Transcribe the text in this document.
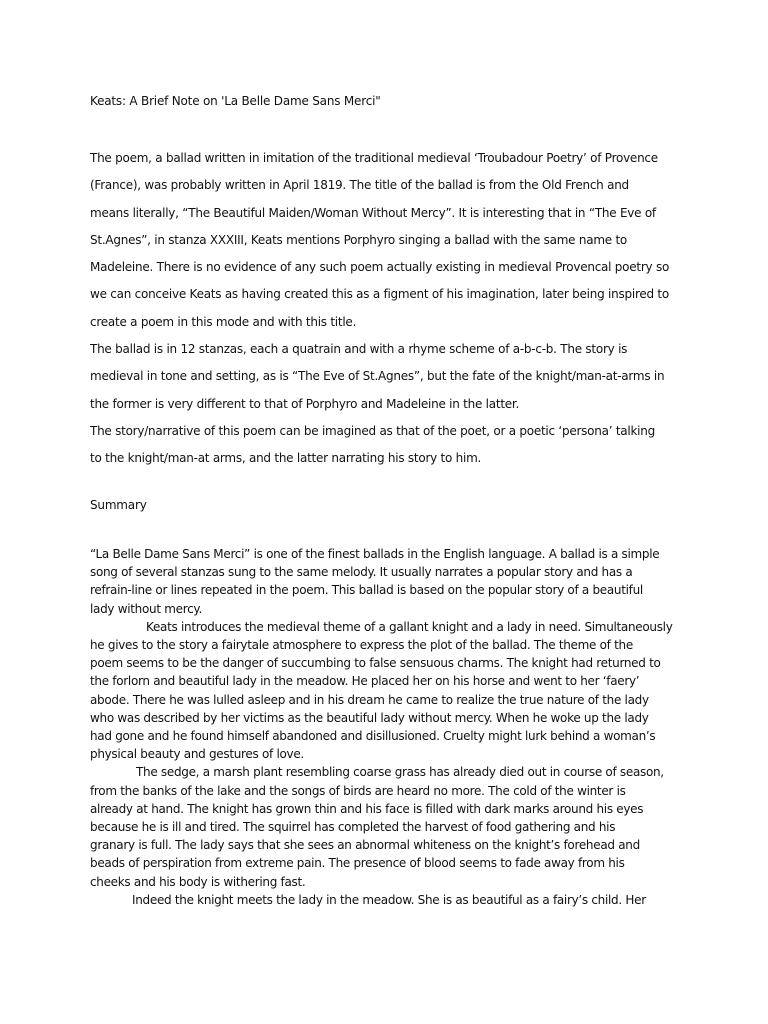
Keats: A Brief Note on 'La Belle Dame Sans Merci"

The poem, a ballad written in imitation of the traditional medieval ‘Troubadour Poetry’ of Provence
(France), was probably written in April 1819. The title of the ballad is from the Old French and
means literally, “The Beautiful Maiden/Woman Without Mercy”. It is interesting that in “The Eve of
St.Agnes”, in stanza XXXIII, Keats mentions Porphyro singing a ballad with the same name to
Madeleine. There is no evidence of any such poem actually existing in medieval Provencal poetry so
we can conceive Keats as having created this as a figment of his imagination, later being inspired to
create a poem in this mode and with this title.

The ballad is in 12 stanzas, each a quatrain and with a rhyme scheme of a-b-c-b. The story is
medieval in tone and setting, as is “The Eve of St.Agnes”, but the fate of the knight/man-at-arms in
the former is very different to that of Porphyro and Madeleine in the latter.

The story/narrative of this poem can be imagined as that of the poet, or a poetic ‘persona’ talking
to the knight/man-at arms, and the latter narrating his story to him.

Summary
“La Belle Dame Sans Merci” is one of the finest ballads in the English language. A ballad is a simple
song of several stanzas sung to the same melody. It usually narrates a popular story and has a
refrain-line or lines repeated in the poem. This ballad is based on the popular story of a beautiful
lady without mercy.
Keats introduces the medieval theme of a gallant knight and a lady in need. Simultaneously
he gives to the story a fairytale atmosphere to express the plot of the ballad. The theme of the
poem seems to be the danger of succumbing to false sensuous charms. The knight had returned to
the forlorn and beautiful lady in the meadow. He placed her on his horse and went to her ‘faery’
abode. There he was lulled asleep and in his dream he came to realize the true nature of the lady
who was described by her victims as the beautiful lady without mercy. When he woke up the lady
had gone and he found himself abandoned and disillusioned. Cruelty might lurk behind a woman’s
physical beauty and gestures of love.
The sedge, a marsh plant resembling coarse grass has already died out in course of season,
from the banks of the lake and the songs of birds are heard no more. The cold of the winter is
already at hand. The knight has grown thin and his face is filled with dark marks around his eyes
because he is ill and tired. The squirrel has completed the harvest of food gathering and his
granary is full. The lady says that she sees an abnormal whiteness on the knight’s forehead and
beads of perspiration from extreme pain. The presence of blood seems to fade away from his
cheeks and his body is withering fast.
Indeed the knight meets the lady in the meadow. She is as beautiful as a fairy’s child. Her
